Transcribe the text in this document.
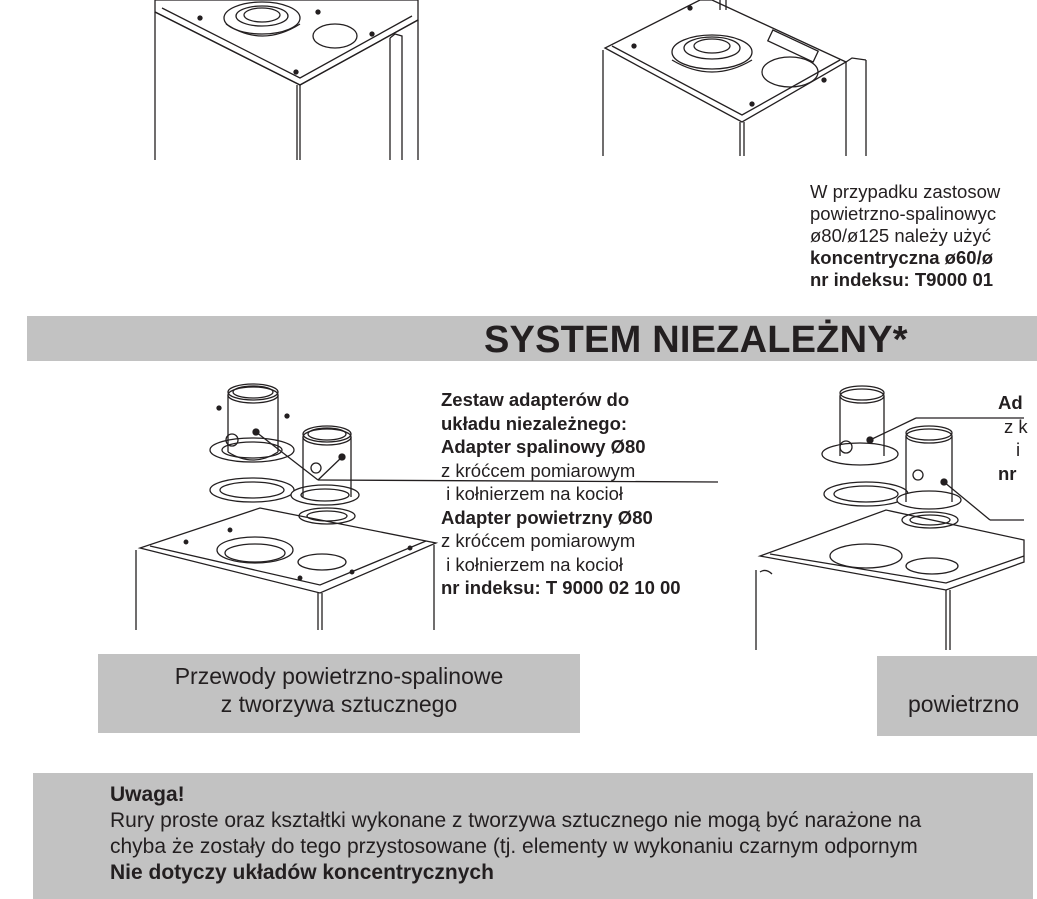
W przypadku zastosow
powietrzno-spalinowyc
ø80/ø125 należy użyć
koncentryczna ø60/ø
nr indeksu: T9000 01
SYSTEM NIEZALEŻNY*
Zestaw adapterów do
układu niezależnego:
Adapter spalinowy Ø80
z króćcem pomiarowym
i kołnierzem na kocioł
Adapter powietrzny Ø80
z króćcem pomiarowym
i kołnierzem na kocioł
nr indeksu: T 9000 02 10 00
Ad
z k
i
nr
Przewody powietrzno-spalinowe
z tworzywa sztucznego	powietrzno
Uwaga!
Rury proste oraz kształtki wykonane z tworzywa sztucznego nie mogą być narażone na
chyba że zostały do tego przystosowane (tj. elementy w wykonaniu czarnym odpornym
Nie dotyczy układów koncentrycznych
